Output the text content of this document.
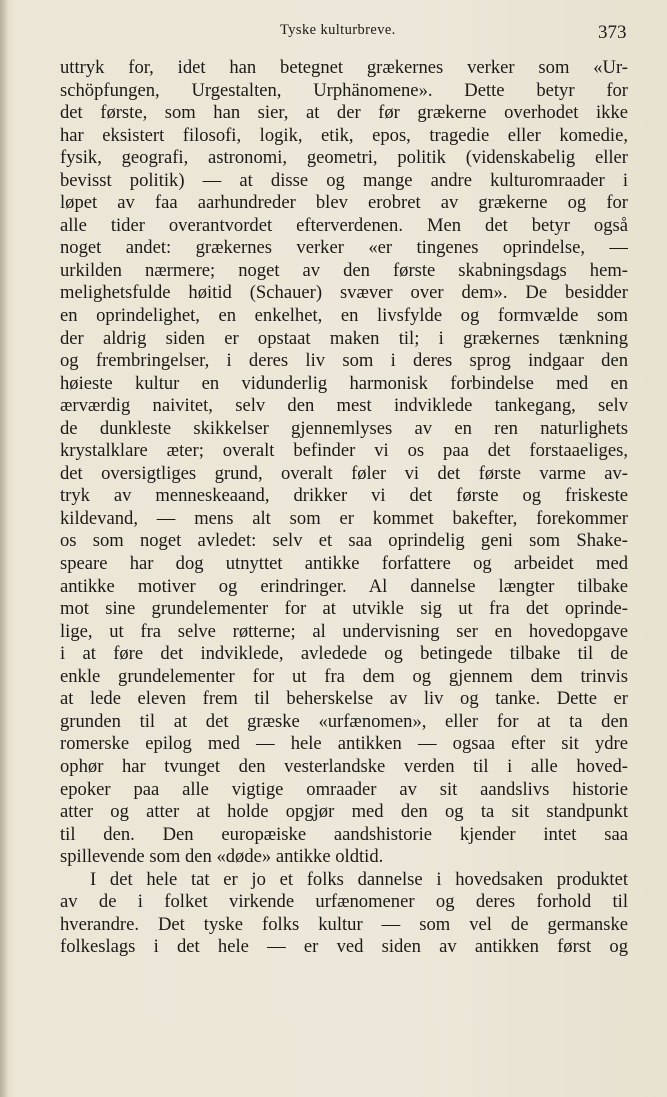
Tyske kulturbreve.	373
uttryk for, idet han betegnet grækernes verker som «Ur-
schöpfungen, Urgestalten, Urphänomene». Dette betyr for
det første, som han sier, at der før grækerne overhodet ikke
har eksistert filosofi, logik, etik, epos, tragedie eller komedie,
fysik, geografi, astronomi, geometri, politik (videnskabelig eller
bevisst politik) — at disse og mange andre kulturomraader i
løpet av faa aarhundreder blev erobret av grækerne og for
alle tider overantvordet efterverdenen. Men det betyr også
noget andet: grækernes verker «er tingenes oprindelse, —
urkilden nærmere; noget av den første skabningsdags hem-
melighetsfulde høitid (Schauer) svæver over dem». De besidder
en oprindelighet, en enkelhet, en livsfylde og formvælde som
der aldrig siden er opstaat maken til; i grækernes tænkning
og frembringelser, i deres liv som i deres sprog indgaar den
høieste kultur en vidunderlig harmonisk forbindelse med en
ærværdig naivitet, selv den mest indviklede tankegang, selv
de dunkleste skikkelser gjennemlyses av en ren naturlighets
krystalklare æter; overalt befinder vi os paa det forstaaeliges,
det oversigtliges grund, overalt føler vi det første varme av-
tryk av menneskeaand, drikker vi det første og friskeste
kildevand, — mens alt som er kommet bakefter, forekommer
os som noget avledet: selv et saa oprindelig geni som Shake-
speare har dog utnyttet antikke forfattere og arbeidet med
antikke motiver og erindringer. Al dannelse længter tilbake
mot sine grundelementer for at utvikle sig ut fra det oprinde-
lige, ut fra selve røtterne; al undervisning ser en hovedopgave
i at føre det indviklede, avledede og betingede tilbake til de
enkle grundelementer for ut fra dem og gjennem dem trinvis
at lede eleven frem til beherskelse av liv og tanke. Dette er
grunden til at det græske «urfænomen», eller for at ta den
romerske epilog med — hele antikken — ogsaa efter sit ydre
ophør har tvunget den vesterlandske verden til i alle hoved-
epoker paa alle vigtige omraader av sit aandslivs historie
atter og atter at holde opgjør med den og ta sit standpunkt
til den. Den europæiske aandshistorie kjender intet saa
spillevende som den «døde» antikke oldtid.
I det hele tat er jo et folks dannelse i hovedsaken produktet
av de i folket virkende urfænomener og deres forhold til
hverandre. Det tyske folks kultur — som vel de germanske
folkeslags i det hele — er ved siden av antikken først og
